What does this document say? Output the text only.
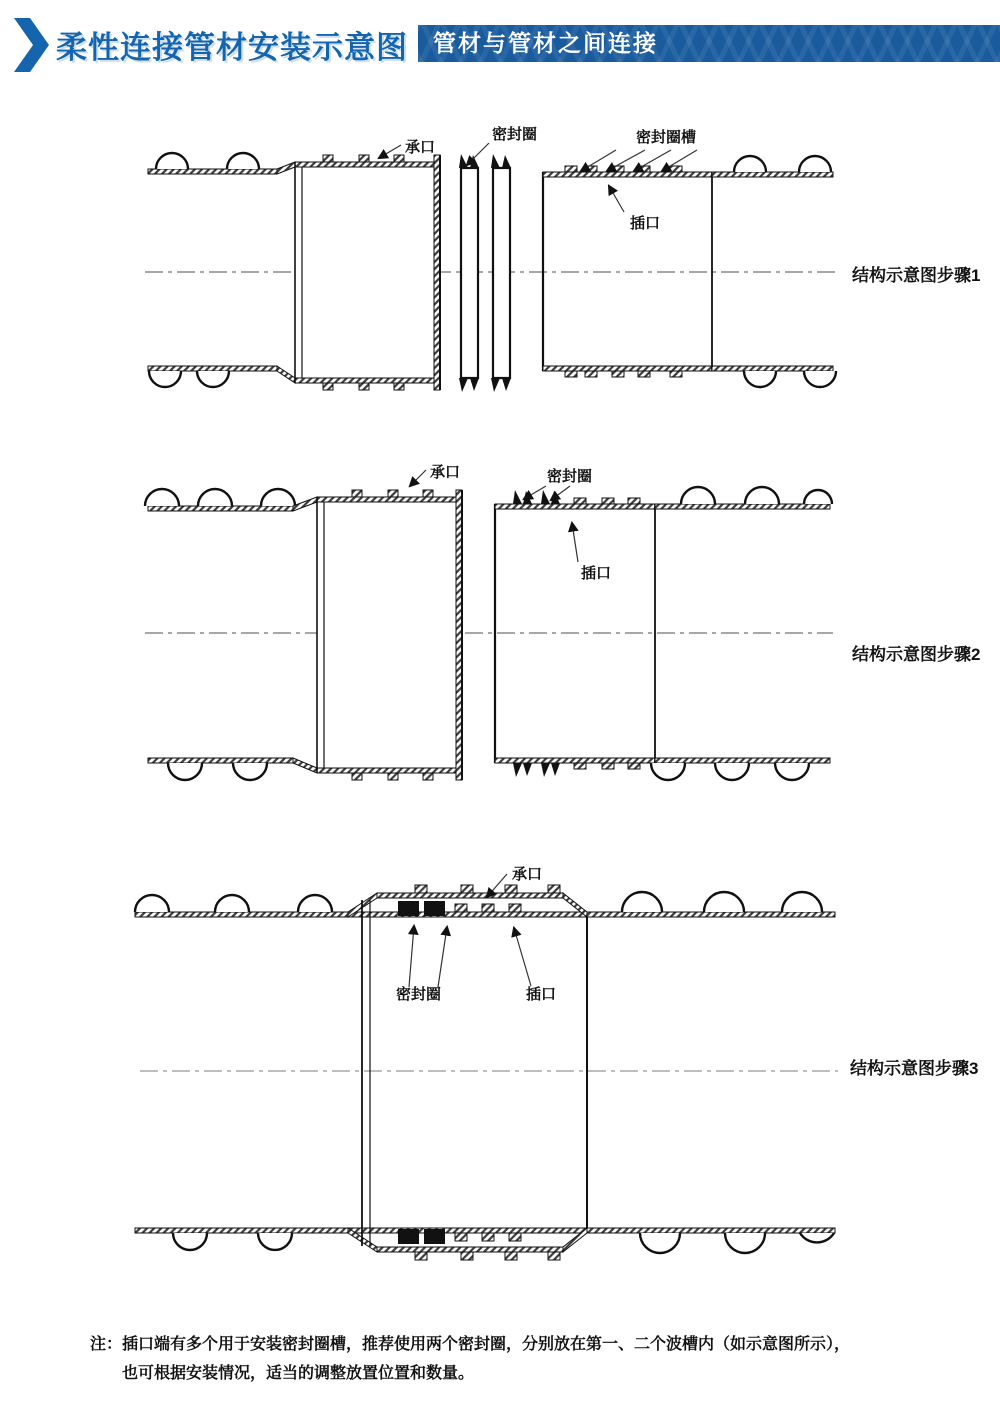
柔性连接管材安装示意图	管材与管材之间连接
承口
密封圈	密封圈槽
插口
结构示意图步骤1
承口	密封圈
插口
结构示意图步骤2
承口
密封圈	插口
结构示意图步骤3
注： 插口端有多个用于安装密封圈槽，推荐使用两个密封圈，分别放在第一、二个波槽内（如示意图所示），
也可根据安装情况，适当的调整放置位置和数量。
